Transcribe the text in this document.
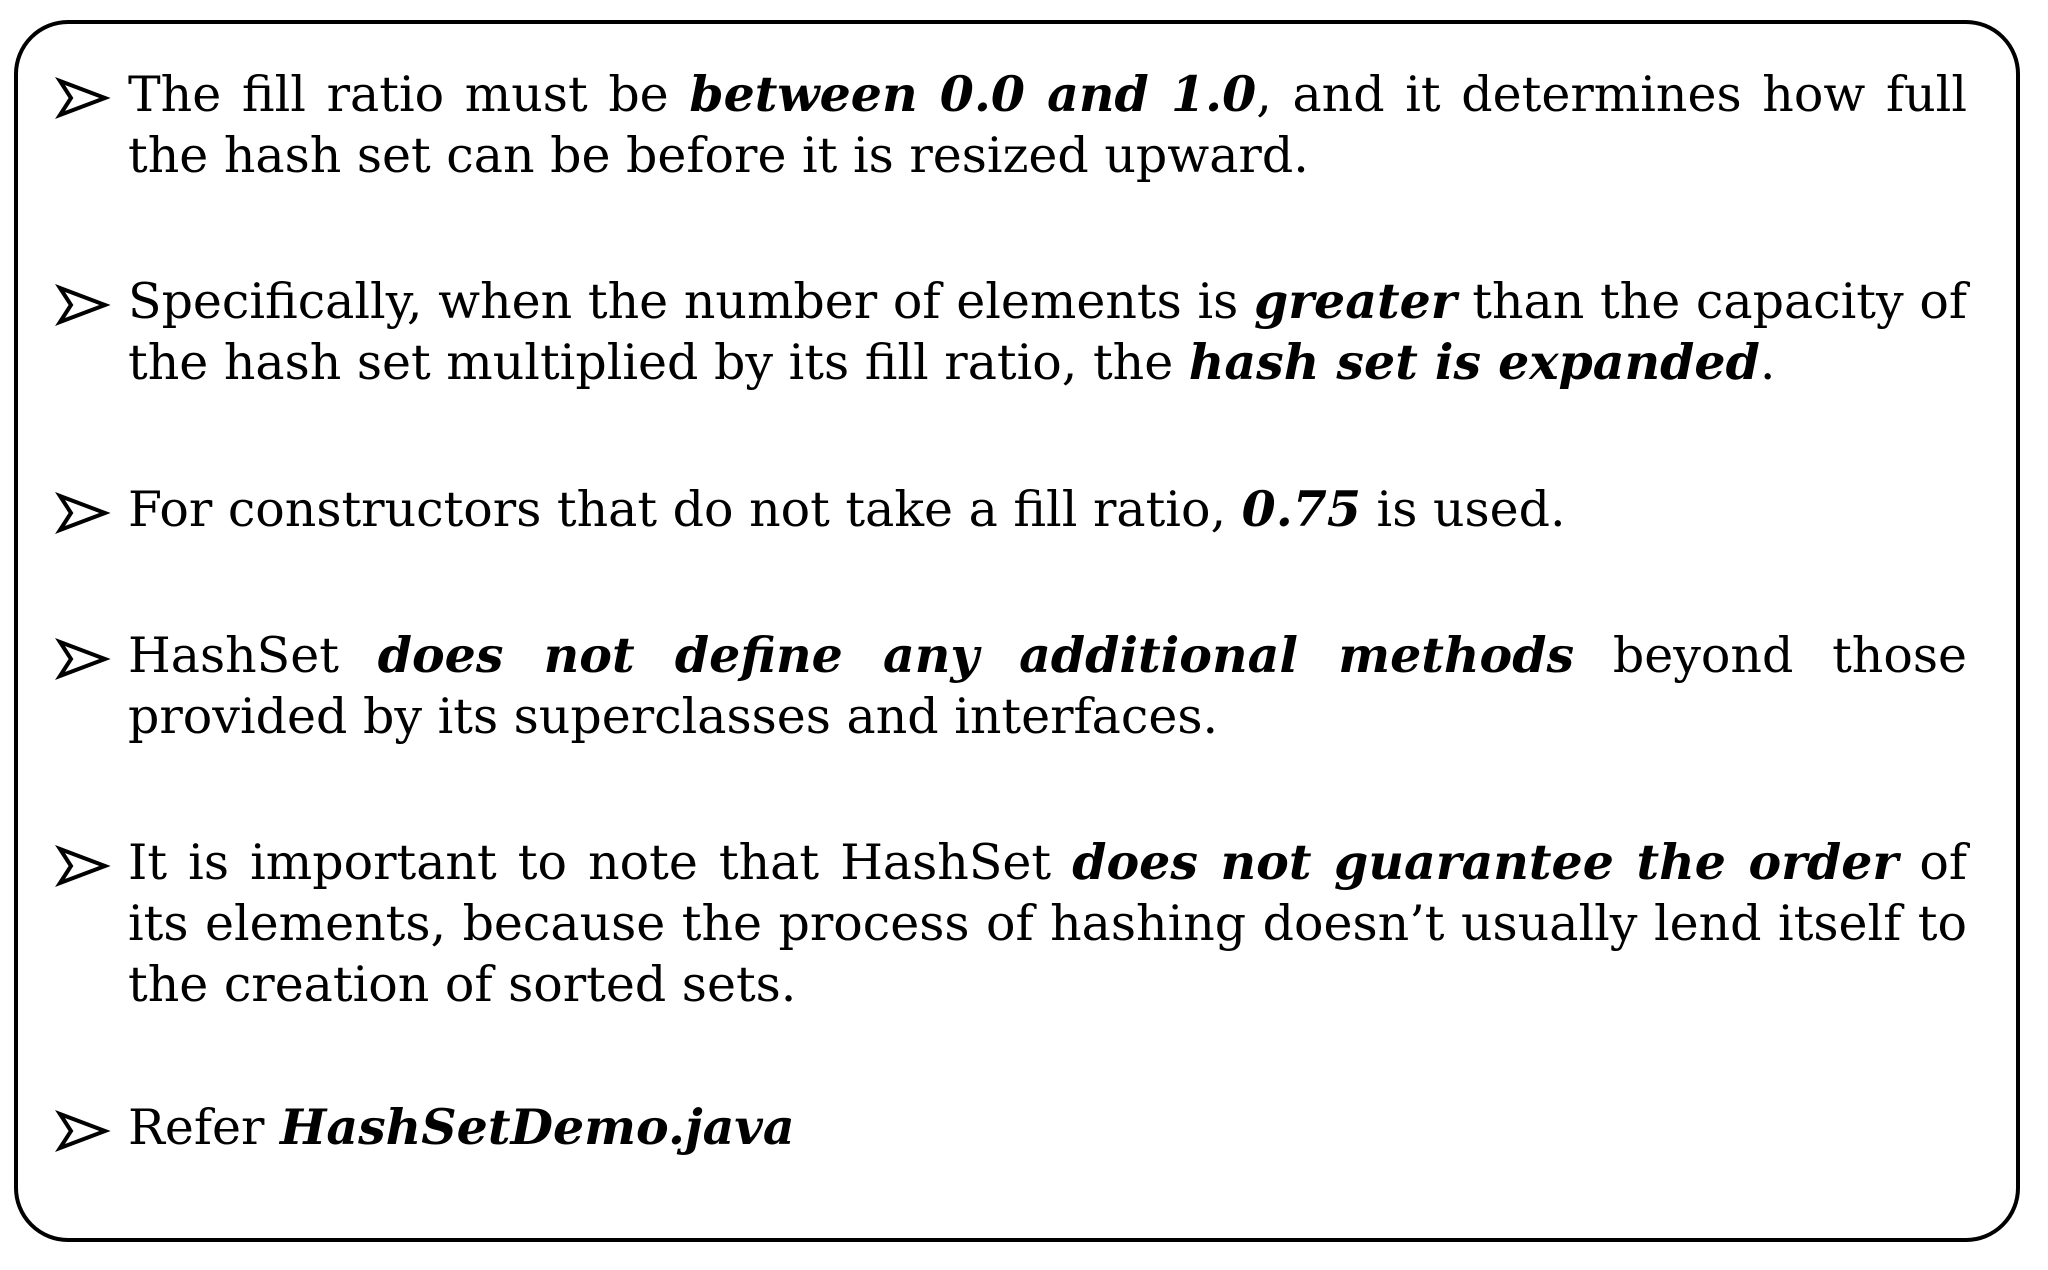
The fill ratio must be between 0.0 and 1.0, and it determines how full the hash set can be before it is resized upward.
Specifically, when the number of elements is greater than the capacity of the hash set multiplied by its fill ratio, the hash set is expanded.
For constructors that do not take a fill ratio, 0.75 is used.
HashSet does not define any additional methods beyond those provided by its superclasses and interfaces.
It is important to note that HashSet does not guarantee the order of its elements, because the process of hashing doesn’t usually lend itself to the creation of sorted sets.
Refer HashSetDemo.java
